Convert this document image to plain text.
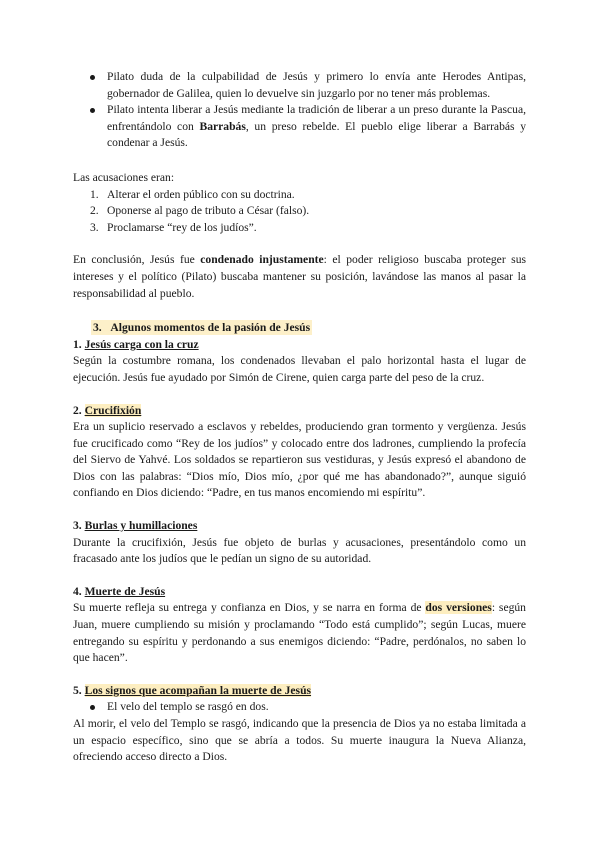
Pilato duda de la culpabilidad de Jesús y primero lo envía ante Herodes Antipas, gobernador de Galilea, quien lo devuelve sin juzgarlo por no tener más problemas.
Pilato intenta liberar a Jesús mediante la tradición de liberar a un preso durante la Pascua, enfrentándolo con Barrabás, un preso rebelde. El pueblo elige liberar a Barrabás y condenar a Jesús.

Las acusaciones eran:

1. Alterar el orden público con su doctrina.
2. Oponerse al pago de tributo a César (falso).
3. Proclamarse “rey de los judíos”.

En conclusión, Jesús fue condenado injustamente: el poder religioso buscaba proteger sus intereses y el político (Pilato) buscaba mantener su posición, lavándose las manos al pasar la responsabilidad al pueblo.

3. Algunos momentos de la pasión de Jesús
1. Jesús carga con la cruz

Según la costumbre romana, los condenados llevaban el palo horizontal hasta el lugar de ejecución. Jesús fue ayudado por Simón de Cirene, quien carga parte del peso de la cruz.

2. Crucifixión

Era un suplicio reservado a esclavos y rebeldes, produciendo gran tormento y vergüenza. Jesús fue crucificado como “Rey de los judíos” y colocado entre dos ladrones, cumpliendo la profecía del Siervo de Yahvé. Los soldados se repartieron sus vestiduras, y Jesús expresó el abandono de Dios con las palabras: “Dios mío, Dios mío, ¿por qué me has abandonado?”, aunque siguió confiando en Dios diciendo: “Padre, en tus manos encomiendo mi espíritu”.

3. Burlas y humillaciones

Durante la crucifixión, Jesús fue objeto de burlas y acusaciones, presentándolo como un fracasado ante los judíos que le pedían un signo de su autoridad.

4. Muerte de Jesús

Su muerte refleja su entrega y confianza en Dios, y se narra en forma de dos versiones: según Juan, muere cumpliendo su misión y proclamando “Todo está cumplido”; según Lucas, muere entregando su espíritu y perdonando a sus enemigos diciendo: “Padre, perdónalos, no saben lo que hacen”.

5. Los signos que acompañan la muerte de Jesús
El velo del templo se rasgó en dos.

Al morir, el velo del Templo se rasgó, indicando que la presencia de Dios ya no estaba limitada a un espacio específico, sino que se abría a todos. Su muerte inaugura la Nueva Alianza, ofreciendo acceso directo a Dios.
